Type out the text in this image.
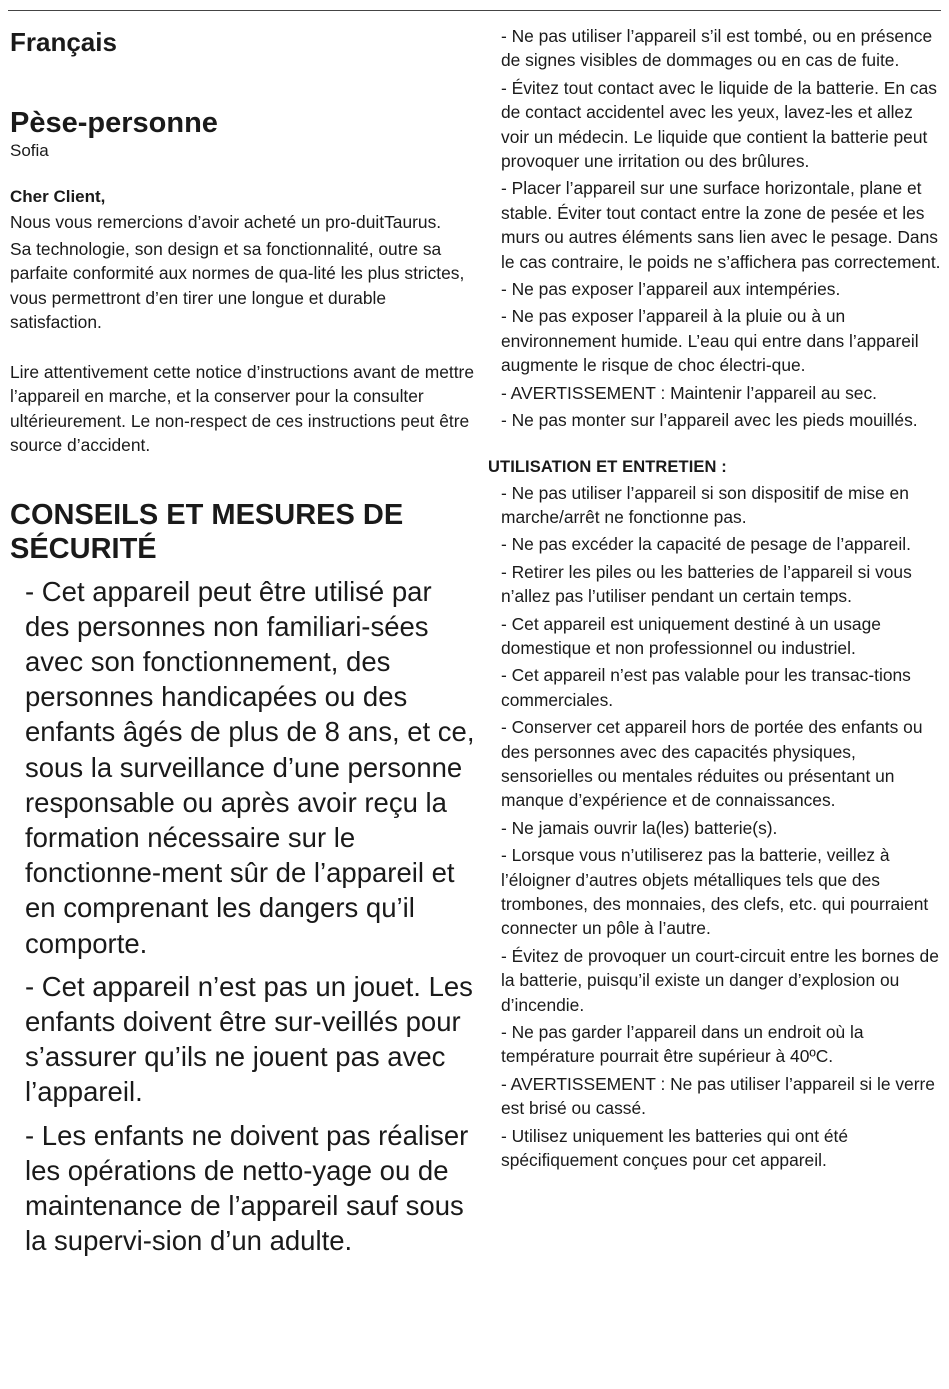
Français
Pèse-personne

Sofia

Cher Client,

Nous vous remercions d’avoir acheté un pro-duitTaurus.

Sa technologie, son design et sa fonctionnalité, outre sa parfaite conformité aux normes de qua-lité les plus strictes, vous permettront d’en tirer une longue et durable satisfaction.

Lire attentivement cette notice d’instructions avant de mettre l’appareil en marche, et la conserver pour la consulter ultérieurement. Le non-respect de ces instructions peut être source d’accident.

CONSEILS ET MESURES DE SÉCURITÉ

- Cet appareil peut être utilisé par des personnes non familiari-sées avec son fonctionnement, des personnes handicapées ou des enfants âgés de plus de 8 ans, et ce, sous la surveillance d’une personne responsable ou après avoir reçu la formation nécessaire sur le fonctionne-ment sûr de l’appareil et en comprenant les dangers qu’il comporte.

- Cet appareil n’est pas un jouet. Les enfants doivent être sur-veillés pour s’assurer qu’ils ne jouent pas avec l’appareil.

- Les enfants ne doivent pas réaliser les opérations de netto-yage ou de maintenance de l’appareil sauf sous la supervi-sion d’un adulte.

- Ne pas utiliser l’appareil s’il est tombé, ou en présence de signes visibles de dommages ou en cas de fuite.

- Évitez tout contact avec le liquide de la batterie. En cas de contact accidentel avec les yeux, lavez-les et allez voir un médecin. Le liquide que contient la batterie peut provoquer une irritation ou des brûlures.

- Placer l’appareil sur une surface horizontale, plane et stable. Éviter tout contact entre la zone de pesée et les murs ou autres éléments sans lien avec le pesage. Dans le cas contraire, le poids ne s’affichera pas correctement.

- Ne pas exposer l’appareil aux intempéries.

- Ne pas exposer l’appareil à la pluie ou à un environnement humide. L’eau qui entre dans l’appareil augmente le risque de choc électri-que.

- AVERTISSEMENT : Maintenir l’appareil au sec.

- Ne pas monter sur l’appareil avec les pieds mouillés.

UTILISATION ET ENTRETIEN :

- Ne pas utiliser l’appareil si son dispositif de mise en marche/arrêt ne fonctionne pas.

- Ne pas excéder la capacité de pesage de l’appareil.

- Retirer les piles ou les batteries de l’appareil si vous n’allez pas l’utiliser pendant un certain temps.

- Cet appareil est uniquement destiné à un usage domestique et non professionnel ou industriel.

- Cet appareil n’est pas valable pour les transac-tions commerciales.

- Conserver cet appareil hors de portée des enfants ou des personnes avec des capacités physiques, sensorielles ou mentales réduites ou présentant un manque d’expérience et de connaissances.

- Ne jamais ouvrir la(les) batterie(s).

- Lorsque vous n’utiliserez pas la batterie, veillez à l’éloigner d’autres objets métalliques tels que des trombones, des monnaies, des clefs, etc. qui pourraient connecter un pôle à l’autre.

- Évitez de provoquer un court-circuit entre les bornes de la batterie, puisqu’il existe un danger d’explosion ou d’incendie.

- Ne pas garder l’appareil dans un endroit où la température pourrait être supérieur à 40ºC.

- AVERTISSEMENT : Ne pas utiliser l’appareil si le verre est brisé ou cassé.

- Utilisez uniquement les batteries qui ont été spécifiquement conçues pour cet appareil.
